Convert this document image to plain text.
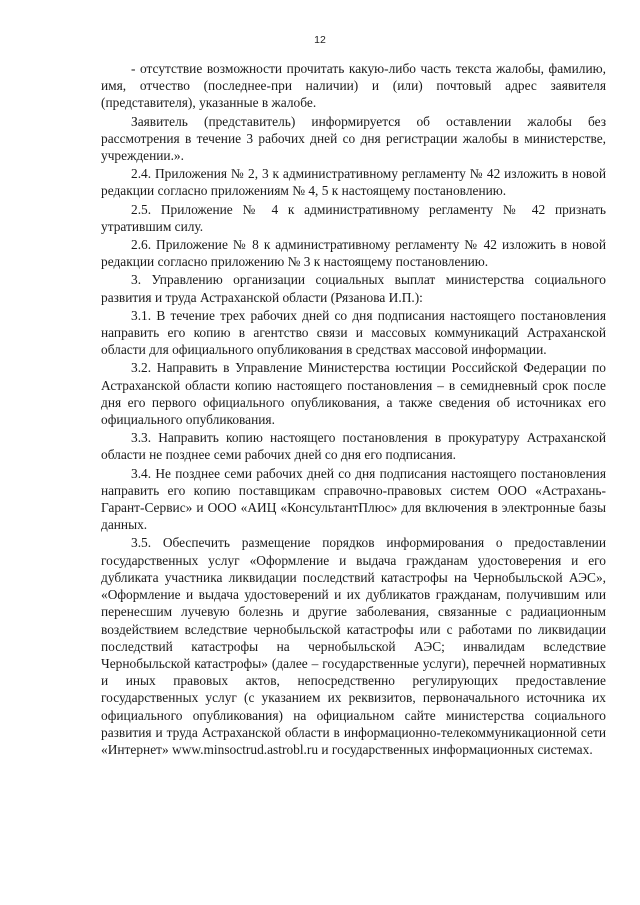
12

- отсутствие возможности прочитать какую-либо часть текста жалобы, фамилию, имя, отчество (последнее-при наличии) и (или) почтовый адрес заявителя (представителя), указанные в жалобе.

Заявитель (представитель) информируется об оставлении жалобы без рассмотрения в течение 3 рабочих дней со дня регистрации жалобы в министерстве, учреждении.».

2.4. Приложения № 2, 3 к административному регламенту № 42 изложить в новой редакции согласно приложениям № 4, 5 к настоящему постановлению.

2.5. Приложение № 4 к административному регламенту № 42 признать утратившим силу.

2.6. Приложение № 8 к административному регламенту № 42 изложить в новой редакции согласно приложению № 3 к настоящему постановлению.

3. Управлению организации социальных выплат министерства социального развития и труда Астраханской области (Рязанова И.П.):

3.1. В течение трех рабочих дней со дня подписания настоящего постановления направить его копию в агентство связи и массовых коммуникаций Астраханской области для официального опубликования в средствах массовой информации.

3.2. Направить в Управление Министерства юстиции Российской Федерации по Астраханской области копию настоящего постановления – в семидневный срок после дня его первого официального опубликования, а также сведения об источниках его официального опубликования.

3.3. Направить копию настоящего постановления в прокуратуру Астраханской области не позднее семи рабочих дней со дня его подписания.

3.4. Не позднее семи рабочих дней со дня подписания настоящего постановления направить его копию поставщикам справочно-правовых систем ООО «Астрахань-Гарант-Сервис» и ООО «АИЦ «КонсультантПлюс» для включения в электронные базы данных.

3.5. Обеспечить размещение порядков информирования о предоставлении государственных услуг «Оформление и выдача гражданам удостоверения и его дубликата участника ликвидации последствий катастрофы на Чернобыльской АЭС», «Оформление и выдача удостоверений и их дубликатов гражданам, получившим или перенесшим лучевую болезнь и другие заболевания, связанные с радиационным воздействием вследствие чернобыльской катастрофы или с работами по ликвидации последствий катастрофы на чернобыльской АЭС; инвалидам вследствие Чернобыльской катастрофы» (далее – государственные услуги), перечней нормативных и иных правовых актов, непосредственно регулирующих предоставление государственных услуг (с указанием их реквизитов, первоначального источника их официального опубликования) на официальном сайте министерства социального развития и труда Астраханской области в информационно-телекоммуникационной сети «Интернет» www.minsoctrud.astrobl.ru и государственных информационных системах.
